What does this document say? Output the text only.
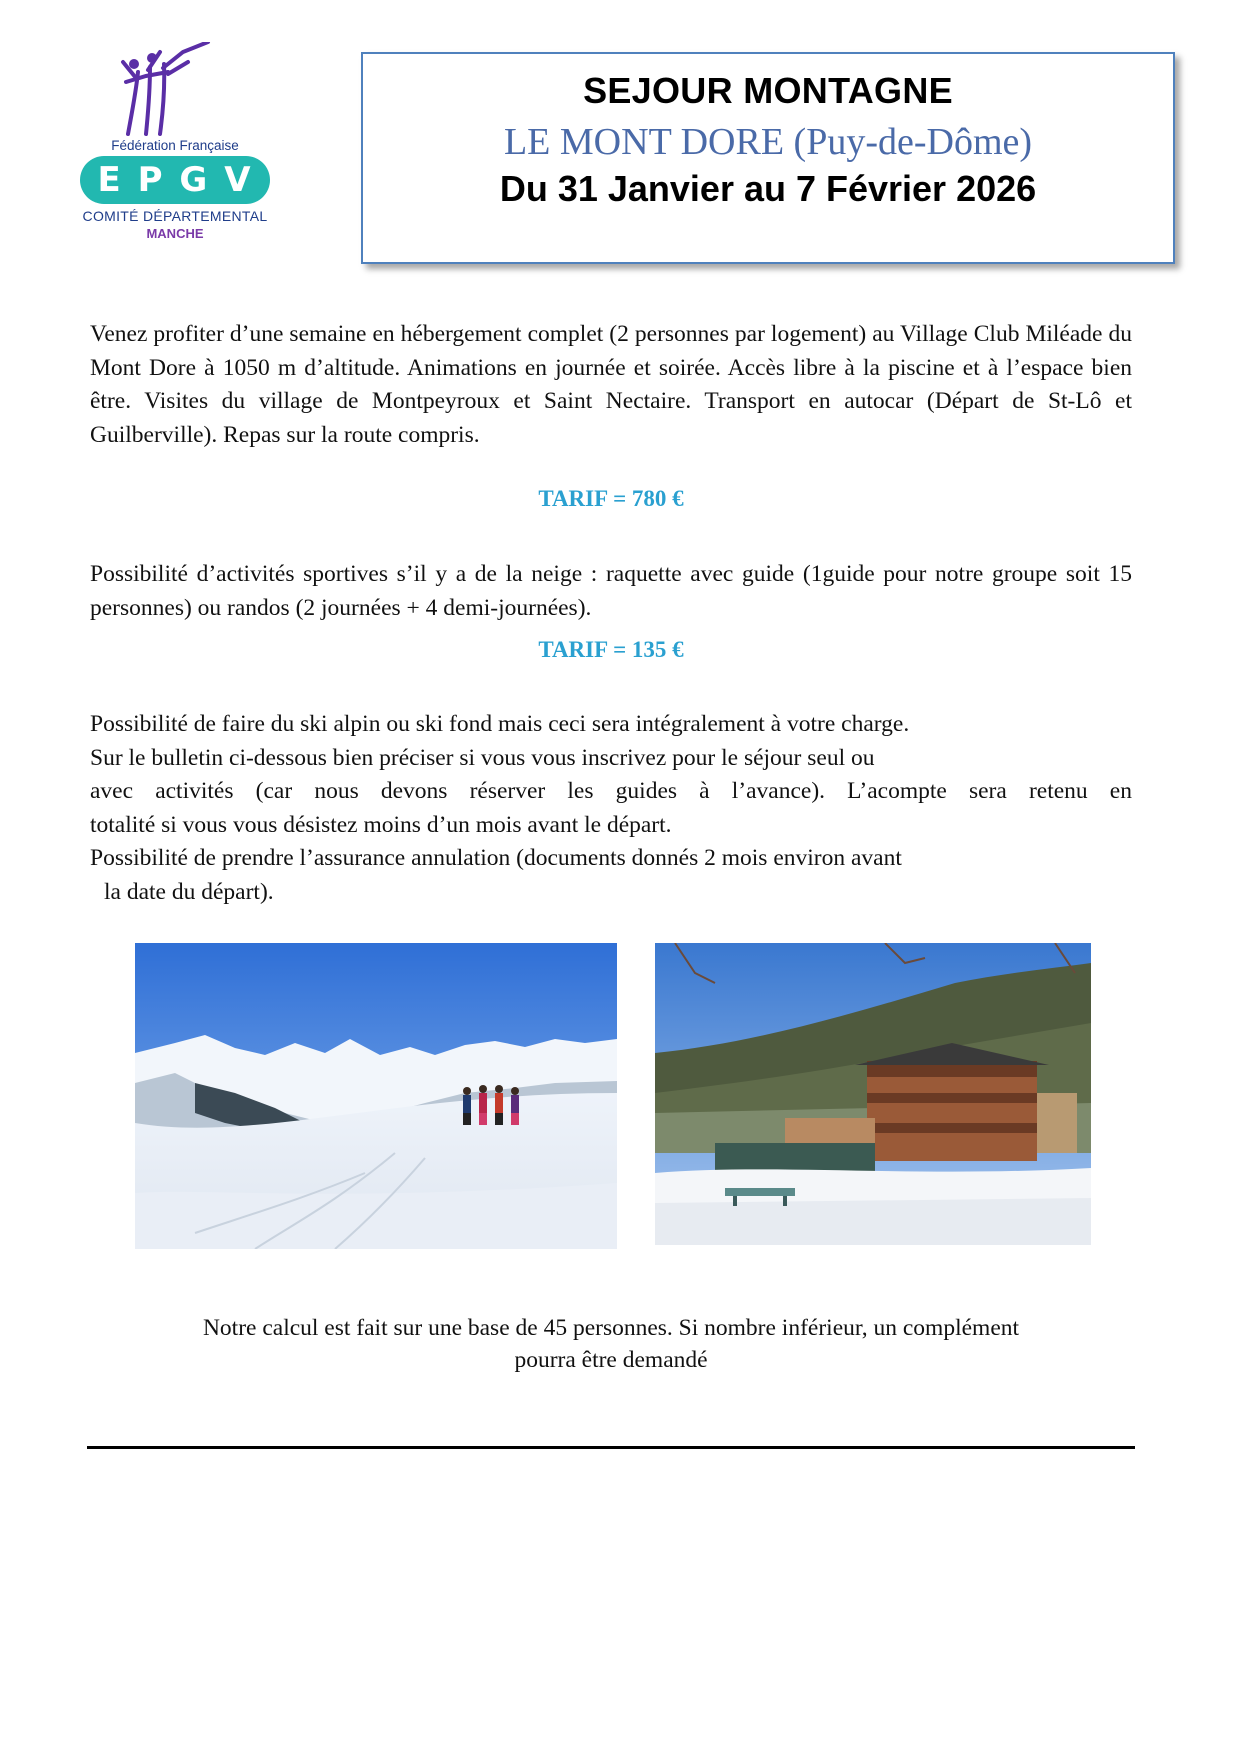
Fédération Française
E P G V
COMITÉ DÉPARTEMENTAL
MANCHE
SEJOUR MONTAGNE
LE MONT DORE (Puy-de-Dôme)
Du 31 Janvier au 7 Février 2026
Venez profiter d’une semaine en hébergement complet (2 personnes par logement) au Village Club Miléade du Mont Dore à 1050 m d’altitude. Animations en journée et soirée. Accès libre à la piscine et à l’espace bien être. Visites du village de Montpeyroux et Saint Nectaire. Transport en autocar (Départ de St-Lô et Guilberville). Repas sur la route compris.
TARIF = 780 €
Possibilité d’activités sportives s’il y a de la neige : raquette avec guide (1guide pour notre groupe soit 15 personnes) ou randos (2 journées + 4 demi-journées).
TARIF = 135 €
Possibilité de faire du ski alpin ou ski fond mais ceci sera intégralement à votre charge.
Sur le bulletin ci-dessous bien préciser si vous vous inscrivez pour le séjour seul ou
avec activités (car nous devons réserver les guides à l’avance). L’acompte sera retenu en
totalité si vous vous désistez moins d’un mois avant le départ.
Possibilité de prendre l’assurance annulation (documents donnés 2 mois environ avant
la date du départ).
Notre calcul est fait sur une base de 45 personnes. Si nombre inférieur, un complément
pourra être demandé
